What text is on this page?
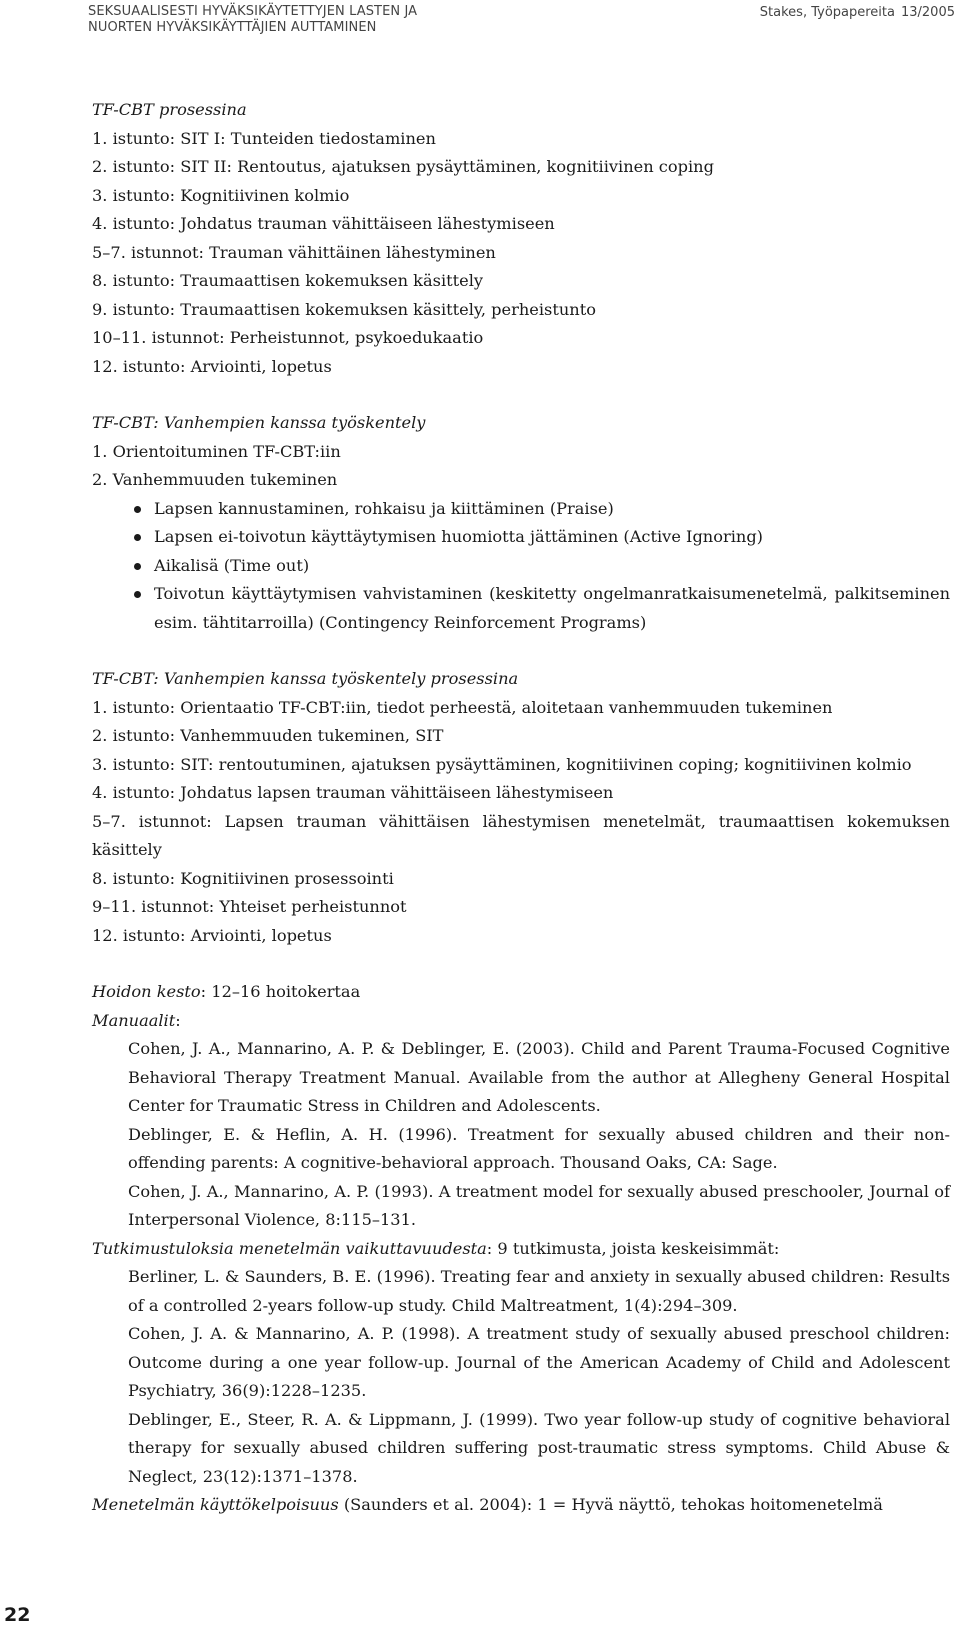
SEKSUAALISESTI HYVÄKSIKÄYTETTYJEN LASTEN JA
NUORTEN HYVÄKSIKÄYTTÄJIEN AUTTAMINEN
Stakes, Työpapereita 13/2005

TF-CBT prosessina

1. istunto: SIT I: Tunteiden tiedostaminen

2. istunto: SIT II: Rentoutus, ajatuksen pysäyttäminen, kognitiivinen coping

3. istunto: Kognitiivinen kolmio

4. istunto: Johdatus trauman vähittäiseen lähestymiseen

5–7. istunnot: Trauman vähittäinen lähestyminen

8. istunto: Traumaattisen kokemuksen käsittely

9. istunto: Traumaattisen kokemuksen käsittely, perheistunto

10–11. istunnot: Perheistunnot, psykoedukaatio

12. istunto: Arviointi, lopetus

TF-CBT: Vanhempien kanssa työskentely

1. Orientoituminen TF-CBT:iin

2. Vanhemmuuden tukeminen

Lapsen kannustaminen, rohkaisu ja kiittäminen (Praise)
Lapsen ei-toivotun käyttäytymisen huomiotta jättäminen (Active Ignoring)
Aikalisä (Time out)
Toivotun käyttäytymisen vahvistaminen (keskitetty ongelmanratkaisumenetelmä, palkitseminen esim. tähtitarroilla) (Contingency Reinforcement Programs)

TF-CBT: Vanhempien kanssa työskentely prosessina

1. istunto: Orientaatio TF-CBT:iin, tiedot perheestä, aloitetaan vanhemmuuden tukeminen

2. istunto: Vanhemmuuden tukeminen, SIT

3. istunto: SIT: rentoutuminen, ajatuksen pysäyttäminen, kognitiivinen coping; kognitiivinen kolmio

4. istunto: Johdatus lapsen trauman vähittäiseen lähestymiseen

5–7. istunnot: Lapsen trauman vähittäisen lähestymisen menetelmät, traumaattisen kokemuksen käsittely

8. istunto: Kognitiivinen prosessointi

9–11. istunnot: Yhteiset perheistunnot

12. istunto: Arviointi, lopetus

Hoidon kesto: 12–16 hoitokertaa

Manuaalit:

Cohen, J. A., Mannarino, A. P. & Deblinger, E. (2003). Child and Parent Trauma-Focused Cognitive Behavioral Therapy Treatment Manual. Available from the author at Allegheny General Hospital Center for Traumatic Stress in Children and Adolescents.

Deblinger, E. & Heflin, A. H. (1996). Treatment for sexually abused children and their non-offending parents: A cognitive-behavioral approach. Thousand Oaks, CA: Sage.

Cohen, J. A., Mannarino, A. P. (1993). A treatment model for sexually abused preschooler, Journal of Interpersonal Violence, 8:115–131.

Tutkimustuloksia menetelmän vaikuttavuudesta: 9 tutkimusta, joista keskeisimmät:

Berliner, L. & Saunders, B. E. (1996). Treating fear and anxiety in sexually abused children: Results of a controlled 2-years follow-up study. Child Maltreatment, 1(4):294–309.

Cohen, J. A. & Mannarino, A. P. (1998). A treatment study of sexually abused preschool children: Outcome during a one year follow-up. Journal of the American Academy of Child and Adolescent Psychiatry, 36(9):1228–1235.

Deblinger, E., Steer, R. A. & Lippmann, J. (1999). Two year follow-up study of cognitive behavioral therapy for sexually abused children suffering post-traumatic stress symptoms. Child Abuse & Neglect, 23(12):1371–1378.

Menetelmän käyttökelpoisuus (Saunders et al. 2004): 1 = Hyvä näyttö, tehokas hoitomenetelmä

22
